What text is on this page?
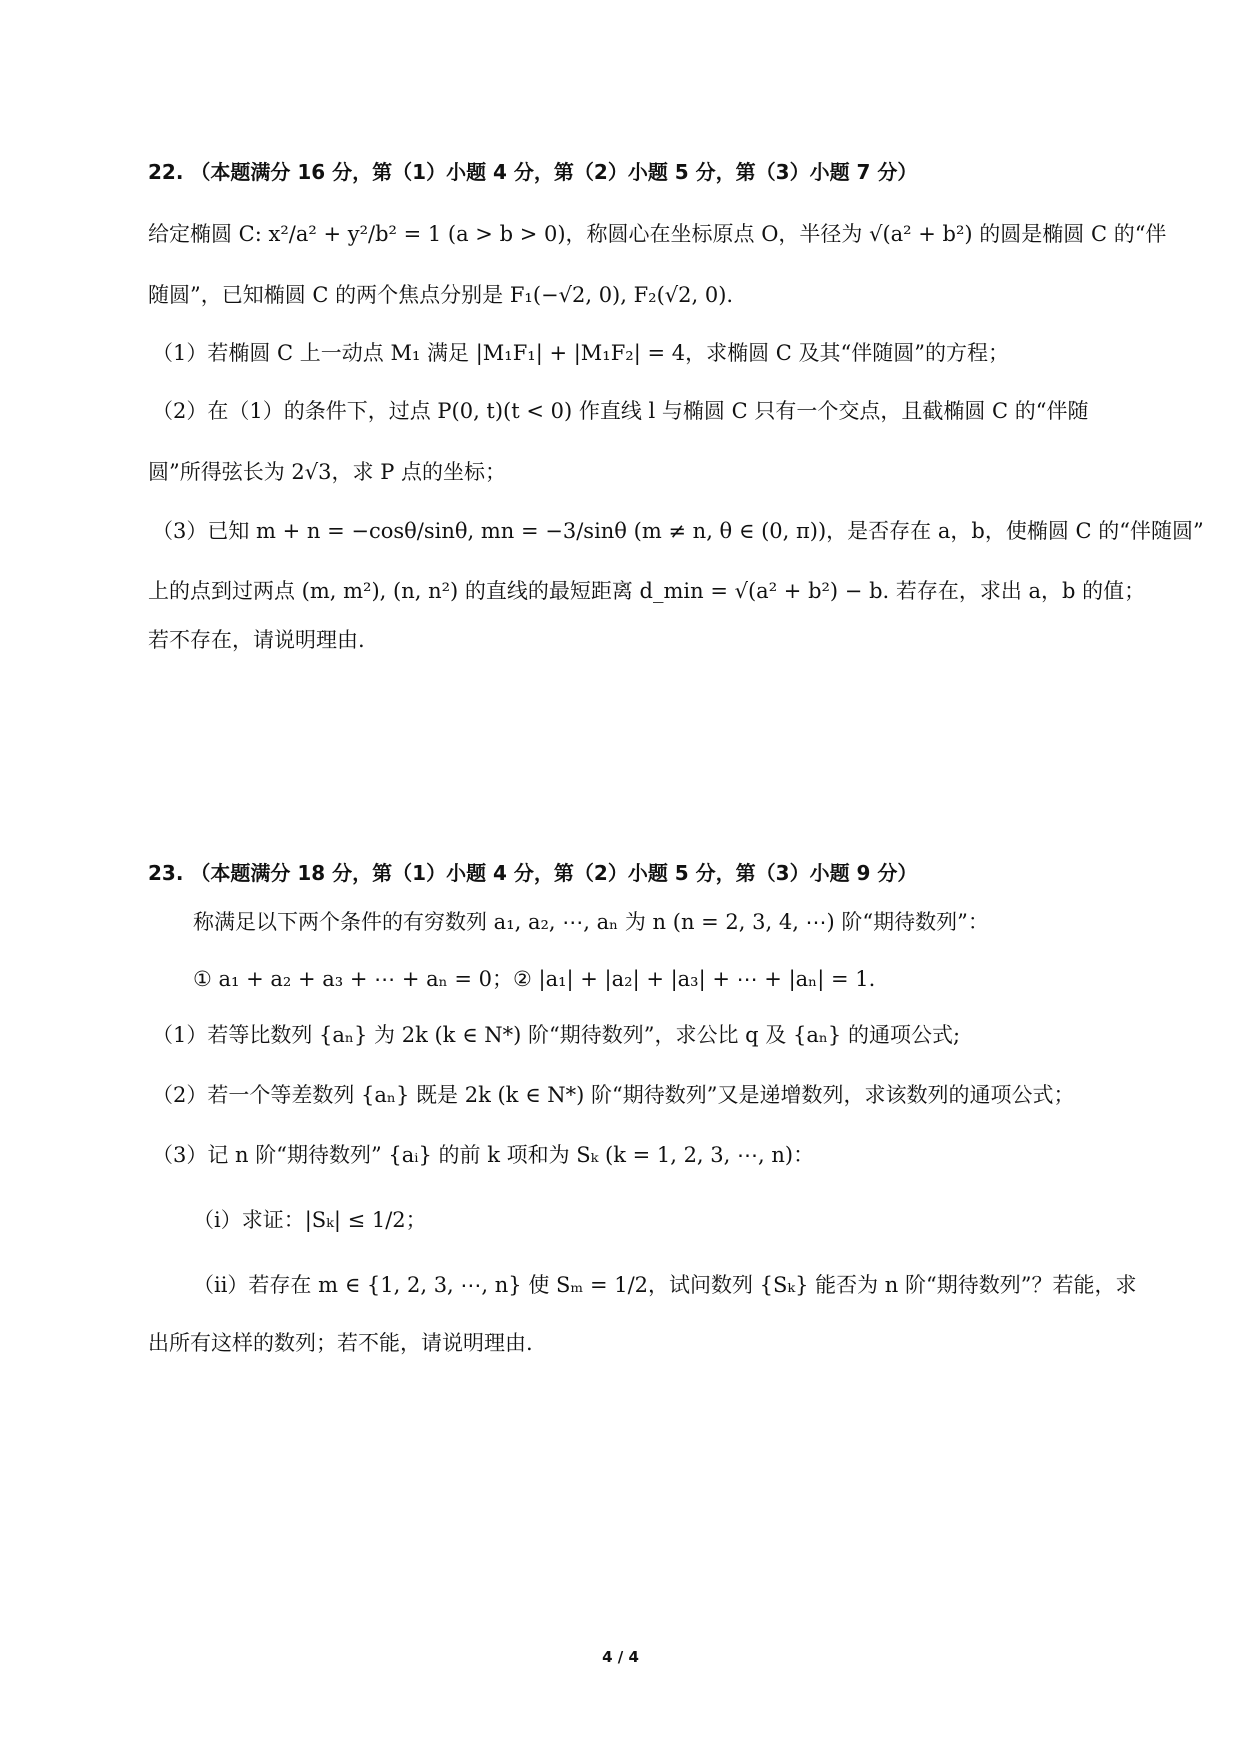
22. （本题满分 16 分，第（1）小题 4 分，第（2）小题 5 分，第（3）小题 7 分）
给定椭圆 C: x²/a² + y²/b² = 1 (a > b > 0)，称圆心在坐标原点 O，半径为 √(a² + b²) 的圆是椭圆 C 的“伴
随圆”，已知椭圆 C 的两个焦点分别是 F₁(−√2, 0), F₂(√2, 0).
（1）若椭圆 C 上一动点 M₁ 满足 |M₁F₁| + |M₁F₂| = 4，求椭圆 C 及其“伴随圆”的方程；
（2）在（1）的条件下，过点 P(0, t)(t < 0) 作直线 l 与椭圆 C 只有一个交点，且截椭圆 C 的“伴随
圆”所得弦长为 2√3，求 P 点的坐标；
（3）已知 m + n = −cosθ/sinθ, mn = −3/sinθ (m ≠ n, θ ∈ (0, π))，是否存在 a，b，使椭圆 C 的“伴随圆”
上的点到过两点 (m, m²), (n, n²) 的直线的最短距离 d_min = √(a² + b²) − b. 若存在，求出 a，b 的值；
若不存在，请说明理由.
23. （本题满分 18 分，第（1）小题 4 分，第（2）小题 5 分，第（3）小题 9 分）
称满足以下两个条件的有穷数列 a₁, a₂, ⋯, aₙ 为 n (n = 2, 3, 4, ⋯) 阶“期待数列”：
① a₁ + a₂ + a₃ + ⋯ + aₙ = 0；② |a₁| + |a₂| + |a₃| + ⋯ + |aₙ| = 1.
（1）若等比数列 {aₙ} 为 2k (k ∈ N*) 阶“期待数列”，求公比 q 及 {aₙ} 的通项公式;
（2）若一个等差数列 {aₙ} 既是 2k (k ∈ N*) 阶“期待数列”又是递增数列，求该数列的通项公式；
（3）记 n 阶“期待数列” {aᵢ} 的前 k 项和为 Sₖ (k = 1, 2, 3, ⋯, n)：
（i）求证：|Sₖ| ≤ 1/2；
（ii）若存在 m ∈ {1, 2, 3, ⋯, n} 使 Sₘ = 1/2，试问数列 {Sₖ} 能否为 n 阶“期待数列”？若能，求
出所有这样的数列；若不能，请说明理由.
4 / 4
